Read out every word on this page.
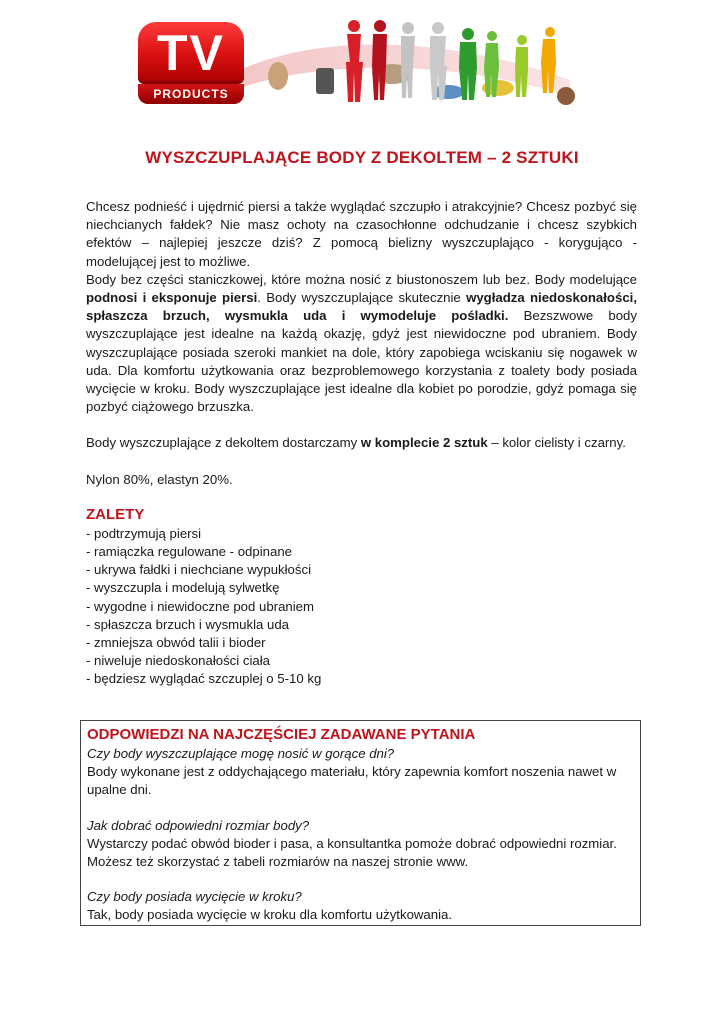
TV
PRODUCTS
WYSZCZUPLAJĄCE BODY Z DEKOLTEM – 2 SZTUKI

Chcesz podnieść i ujędrnić piersi a także wyglądać szczupło i atrakcyjnie? Chcesz pozbyć się niechcianych fałdek? Nie masz ochoty na czasochłonne odchudzanie i chcesz szybkich efektów – najlepiej jeszcze dziś? Z pomocą bielizny wyszczuplająco - korygująco - modelującej jest to możliwe.

Body bez części staniczkowej, które można nosić z biustonoszem lub bez. Body modelujące podnosi i eksponuje piersi. Body wyszczuplające skutecznie wygładza niedoskonałości, spłaszcza brzuch, wysmukla uda i wymodeluje pośladki. Bezszwowe body wyszczuplające jest idealne na każdą okazję, gdyż jest niewidoczne pod ubraniem. Body wyszczuplające posiada szeroki mankiet na dole, który zapobiega wciskaniu się nogawek w uda. Dla komfortu użytkowania oraz bezproblemowego korzystania z toalety body posiada wycięcie w kroku. Body wyszczuplające jest idealne dla kobiet po porodzie, gdyż pomaga się pozbyć ciążowego brzuszka.

Body wyszczuplające z dekoltem dostarczamy w komplecie 2 sztuk – kolor cielisty i czarny.

Nylon 80%, elastyn 20%.

ZALETY
- podtrzymują piersi
- ramiączka regulowane - odpinane
- ukrywa fałdki i niechciane wypukłości
- wyszczupla i modelują sylwetkę
- wygodne i niewidoczne pod ubraniem
- spłaszcza brzuch i wysmukla uda
- zmniejsza obwód talii i bioder
- niweluje niedoskonałości ciała
- będziesz wyglądać szczuplej o 5-10 kg
ODPOWIEDZI NA NAJCZĘŚCIEJ ZADAWANE PYTANIA

Czy body wyszczuplające mogę nosić w gorące dni?

Body wykonane jest z oddychającego materiału, który zapewnia komfort noszenia nawet w upalne dni.

Jak dobrać odpowiedni rozmiar body?

Wystarczy podać obwód bioder i pasa, a konsultantka pomoże dobrać odpowiedni rozmiar. Możesz też skorzystać z tabeli rozmiarów na naszej stronie www.

Czy body posiada wycięcie w kroku?

Tak, body posiada wycięcie w kroku dla komfortu użytkowania.
